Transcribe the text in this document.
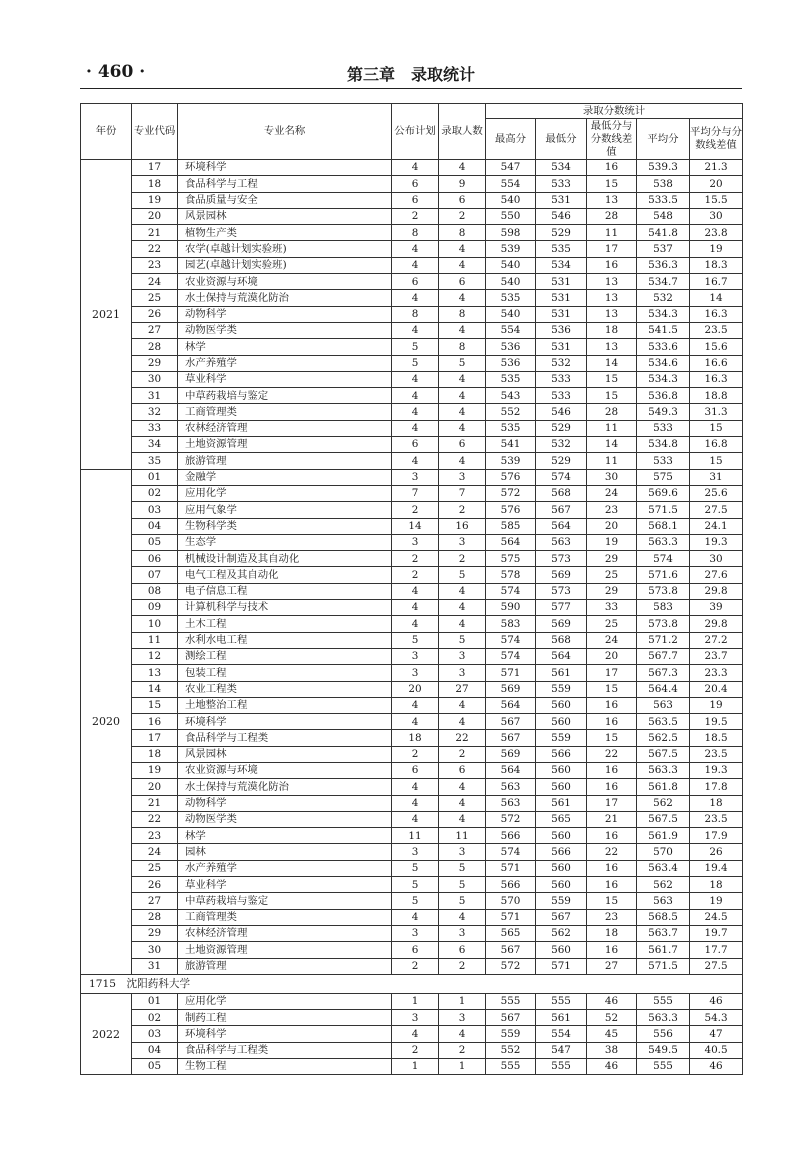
· 460 ·	第三章　录取统计
年份	专业代码	专业名称	公布计划	录取人数	录取分数统计				
					最高分	最低分	最低分与分数线差值	平均分	平均分与分数线差值
2021	17	环境科学	4	4	547	534	16	539.3	21.3
	18	食品科学与工程	6	9	554	533	15	538	20
	19	食品质量与安全	6	6	540	531	13	533.5	15.5
	20	风景园林	2	2	550	546	28	548	30
	21	植物生产类	8	8	598	529	11	541.8	23.8
	22	农学(卓越计划实验班)	4	4	539	535	17	537	19
	23	园艺(卓越计划实验班)	4	4	540	534	16	536.3	18.3
	24	农业资源与环境	6	6	540	531	13	534.7	16.7
	25	水土保持与荒漠化防治	4	4	535	531	13	532	14
	26	动物科学	8	8	540	531	13	534.3	16.3
	27	动物医学类	4	4	554	536	18	541.5	23.5
	28	林学	5	8	536	531	13	533.6	15.6
	29	水产养殖学	5	5	536	532	14	534.6	16.6
	30	草业科学	4	4	535	533	15	534.3	16.3
	31	中草药栽培与鉴定	4	4	543	533	15	536.8	18.8
	32	工商管理类	4	4	552	546	28	549.3	31.3
	33	农林经济管理	4	4	535	529	11	533	15
	34	土地资源管理	6	6	541	532	14	534.8	16.8
	35	旅游管理	4	4	539	529	11	533	15
2020	01	金融学	3	3	576	574	30	575	31
	02	应用化学	7	7	572	568	24	569.6	25.6
	03	应用气象学	2	2	576	567	23	571.5	27.5
	04	生物科学类	14	16	585	564	20	568.1	24.1
	05	生态学	3	3	564	563	19	563.3	19.3
	06	机械设计制造及其自动化	2	2	575	573	29	574	30
	07	电气工程及其自动化	2	5	578	569	25	571.6	27.6
	08	电子信息工程	4	4	574	573	29	573.8	29.8
	09	计算机科学与技术	4	4	590	577	33	583	39
	10	土木工程	4	4	583	569	25	573.8	29.8
	11	水利水电工程	5	5	574	568	24	571.2	27.2
	12	测绘工程	3	3	574	564	20	567.7	23.7
	13	包装工程	3	3	571	561	17	567.3	23.3
	14	农业工程类	20	27	569	559	15	564.4	20.4
	15	土地整治工程	4	4	564	560	16	563	19
	16	环境科学	4	4	567	560	16	563.5	19.5
	17	食品科学与工程类	18	22	567	559	15	562.5	18.5
	18	风景园林	2	2	569	566	22	567.5	23.5
	19	农业资源与环境	6	6	564	560	16	563.3	19.3
	20	水土保持与荒漠化防治	4	4	563	560	16	561.8	17.8
	21	动物科学	4	4	563	561	17	562	18
	22	动物医学类	4	4	572	565	21	567.5	23.5
	23	林学	11	11	566	560	16	561.9	17.9
	24	园林	3	3	574	566	22	570	26
	25	水产养殖学	5	5	571	560	16	563.4	19.4
	26	草业科学	5	5	566	560	16	562	18
	27	中草药栽培与鉴定	5	5	570	559	15	563	19
	28	工商管理类	4	4	571	567	23	568.5	24.5
	29	农林经济管理	3	3	565	562	18	563.7	19.7
	30	土地资源管理	6	6	567	560	16	561.7	17.7
	31	旅游管理	2	2	572	571	27	571.5	27.5
1715　沈阳药科大学									
2022	01	应用化学	1	1	555	555	46	555	46
	02	制药工程	3	3	567	561	52	563.3	54.3
	03	环境科学	4	4	559	554	45	556	47
	04	食品科学与工程类	2	2	552	547	38	549.5	40.5
	05	生物工程	1	1	555	555	46	555	46
